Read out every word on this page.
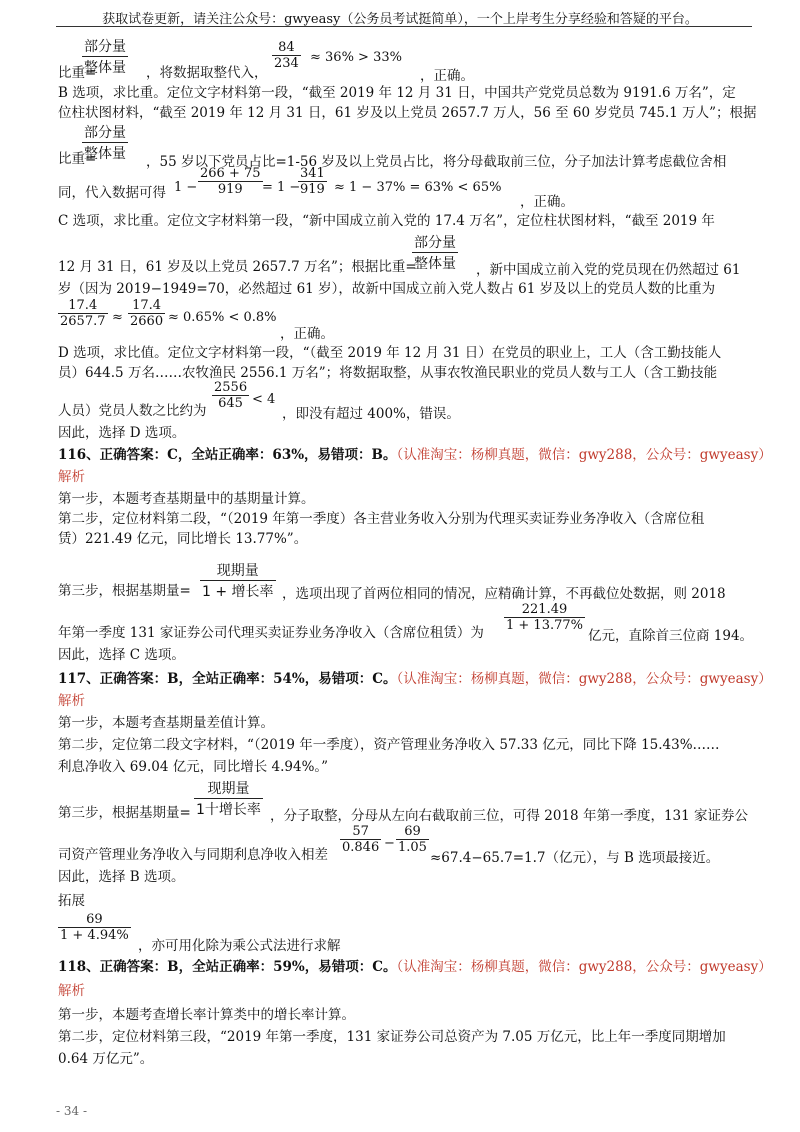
获取试卷更新，请关注公众号：gwyeasy（公务员考试挺简单），一个上岸考生分享经验和答疑的平台。
部分量
整体量
比重=	，将数据取整代入，
$\frac{84}{234} \approx 36\% > 33\%$
，正确。
B 选项，求比重。定位文字材料第一段，“截至 2019 年 12 月 31 日，中国共产党党员总数为 9191.6 万名”，定
位柱状图材料，“截至 2019 年 12 月 31 日，61 岁及以上党员 2657.7 万人，56 至 60 岁党员 745.1 万人”；根据
部分量
整体量
比重=	，55 岁以下党员占比=1-56 岁及以上党员占比，将分母截取前三位，分子加法计算考虑截位舍相
同，代入数据可得 $1 - \frac{266 + 75}{919} = 1$ −
$\frac{341}{919} \approx 1 - 37\% = 63\% < 65\%$
，正确。
C 选项，求比重。定位文字材料第一段，“新中国成立前入党的 17.4 万名”，定位柱状图材料，“截至 2019 年
部分量
整体量
12 月 31 日，61 岁及以上党员 2657.7 万名”；根据比重=	，新中国成立前入党的党员现在仍然超过 61
岁（因为 2019−1949=70，必然超过 61 岁），故新中国成立前入党人数占 61 岁及以上的党员人数的比重为
$\frac{17.4}{2657.7} \approx \frac{17.4}{2660} \approx 0.65\% < 0.8\%$
，正确。
D 选项，求比值。定位文字材料第一段，“（截至 2019 年 12 月 31 日）在党员的职业上，工人（含工勤技能人
员）644.5 万名……农牧渔民 2556.1 万名”；将数据取整，从事农牧渔民职业的党员人数与工人（含工勤技能
人员）党员人数之比约为 $\frac{2556}{645} < 4$
，即没有超过 400%，错误。
因此，选择 D 选项。
116、正确答案：C，全站正确率：63%，易错项：B。（认准淘宝：杨柳真题，微信：gwy288，公众号：gwyeasy）
解析
第一步，本题考查基期量中的基期量计算。
第二步，定位材料第二段，“（2019 年第一季度）各主营业务收入分别为代理买卖证券业务净收入（含席位租
赁）221.49 亿元，同比增长 13.77%”。
现期量
1 + 增长率
第三步，根据基期量=	，选项出现了首两位相同的情况，应精确计算，不再截位处数据，则 2018
年第一季度 131 家证券公司代理买卖证券业务净收入（含席位租赁）为 $\frac{221.49}{1 + 13.77\%}$
亿元，直除首三位商 194。
因此，选择 C 选项。
117、正确答案：B，全站正确率：54%，易错项：C。（认准淘宝：杨柳真题，微信：gwy288，公众号：gwyeasy）
解析
第一步，本题考查基期量差值计算。
第二步，定位第二段文字材料，“（2019 年一季度），资产管理业务净收入 57.33 亿元，同比下降 15.43%……
利息净收入 69.04 亿元，同比增长 4.94%。”
现期量
1十增长率
第三步，根据基期量=	，分子取整，分母从左向右截取前三位，可得 2018 年第一季度，131 家证券公
司资产管理业务净收入与同期利息净收入相差 $\frac{57}{0.846} - \frac{69}{1.05}$
≈67.4−65.7=1.7（亿元），与 B 选项最接近。
因此，选择 B 选项。
拓展
$\frac{69}{1 + 4.94\%}$
，亦可用化除为乘公式法进行求解
118、正确答案：B，全站正确率：59%，易错项：C。（认准淘宝：杨柳真题，微信：gwy288，公众号：gwyeasy）
解析
第一步，本题考查增长率计算类中的增长率计算。
第二步，定位材料第三段，“2019 年第一季度，131 家证券公司总资产为 7.05 万亿元，比上年一季度同期增加
0.64 万亿元”。
- 34 -
